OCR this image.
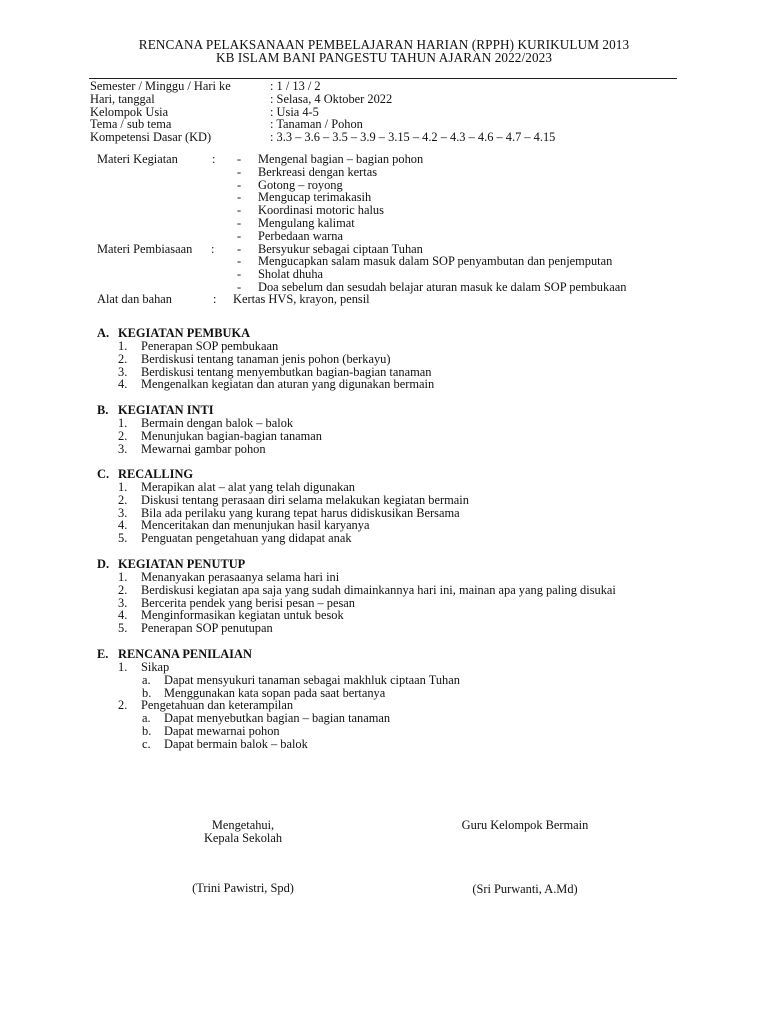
RENCANA PELAKSANAAN PEMBELAJARAN HARIAN (RPPH) KURIKULUM 2013
KB ISLAM BANI PANGESTU TAHUN AJARAN 2022/2023
Semester / Minggu / Hari ke	: 1 / 13 / 2
Hari, tanggal	: Selasa, 4 Oktober 2022
Kelompok Usia	: Usia 4-5
Tema / sub tema	: Tanaman / Pohon
Kompetensi Dasar (KD)	: 3.3 – 3.6 – 3.5 – 3.9 – 3.15 – 4.2 – 4.3 – 4.6 – 4.7 – 4.15
Materi Kegiatan	: - Mengenal bagian – bagian pohon
- Berkreasi dengan kertas
- Gotong – royong
- Mengucap terimakasih
- Koordinasi motoric halus
- Mengulang kalimat
- Perbedaan warna
Materi Pembiasaan : - Bersyukur sebagai ciptaan Tuhan
- Mengucapkan salam masuk dalam SOP penyambutan dan penjemputan
- Sholat dhuha
- Doa sebelum dan sesudah belajar aturan masuk ke dalam SOP pembukaan
Alat dan bahan	: Kertas HVS, krayon, pensil
A. KEGIATAN PEMBUKA
1. Penerapan SOP pembukaan
2. Berdiskusi tentang tanaman jenis pohon (berkayu)
3. Berdiskusi tentang menyembutkan bagian-bagian tanaman
4. Mengenalkan kegiatan dan aturan yang digunakan bermain
B. KEGIATAN INTI
1. Bermain dengan balok – balok
2. Menunjukan bagian-bagian tanaman
3. Mewarnai gambar pohon
C. RECALLING
1. Merapikan alat – alat yang telah digunakan
2. Diskusi tentang perasaan diri selama melakukan kegiatan bermain
3. Bila ada perilaku yang kurang tepat harus didiskusikan Bersama
4. Menceritakan dan menunjukan hasil karyanya
5. Penguatan pengetahuan yang didapat anak
D. KEGIATAN PENUTUP
1. Menanyakan perasaanya selama hari ini
2. Berdiskusi kegiatan apa saja yang sudah dimainkannya hari ini, mainan apa yang paling disukai
3. Bercerita pendek yang berisi pesan – pesan
4. Menginformasikan kegiatan untuk besok
5. Penerapan SOP penutupan
E. RENCANA PENILAIAN
1. Sikap
a. Dapat mensyukuri tanaman sebagai makhluk ciptaan Tuhan
b. Menggunakan kata sopan pada saat bertanya
2. Pengetahuan dan keterampilan
a. Dapat menyebutkan bagian – bagian tanaman
b. Dapat mewarnai pohon
c. Dapat bermain balok – balok
Mengetahui,
Kepala Sekolah
(Trini Pawistri, Spd)
Guru Kelompok Bermain
(Sri Purwanti, A.Md)
